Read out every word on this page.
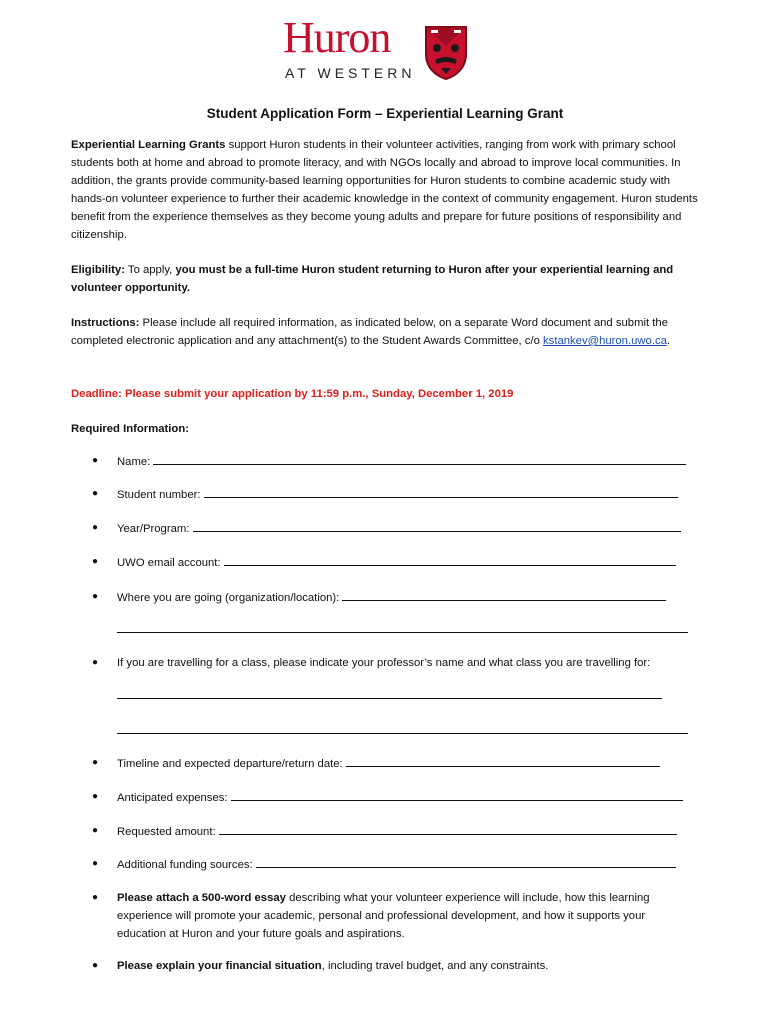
Huron
AT WESTERN
Student Application Form – Experiential Learning Grant
Experiential Learning Grants support Huron students in their volunteer activities, ranging from work with primary school students both at home and abroad to promote literacy, and with NGOs locally and abroad to improve local communities. In addition, the grants provide community-based learning opportunities for Huron students to combine academic study with hands-on volunteer experience to further their academic knowledge in the context of community engagement. Huron students benefit from the experience themselves as they become young adults and prepare for future positions of responsibility and citizenship.
Eligibility: To apply, you must be a full-time Huron student returning to Huron after your experiential learning and volunteer opportunity.
Instructions: Please include all required information, as indicated below, on a separate Word document and submit the completed electronic application and any attachment(s) to the Student Awards Committee, c/o kstankev@huron.uwo.ca.
Deadline: Please submit your application by 11:59 p.m., Sunday, December 1, 2019
Required Information:
● Name:
● Student number:
● Year/Program:
● UWO email account:
● Where you are going (organization/location):
● If you are travelling for a class, please indicate your professor’s name and what class you are travelling for:
● Timeline and expected departure/return date:
● Anticipated expenses:
● Requested amount:
● Additional funding sources:
● Please attach a 500-word essay describing what your volunteer experience will include, how this learning experience will promote your academic, personal and professional development, and how it supports your education at Huron and your future goals and aspirations.
● Please explain your financial situation, including travel budget, and any constraints.
